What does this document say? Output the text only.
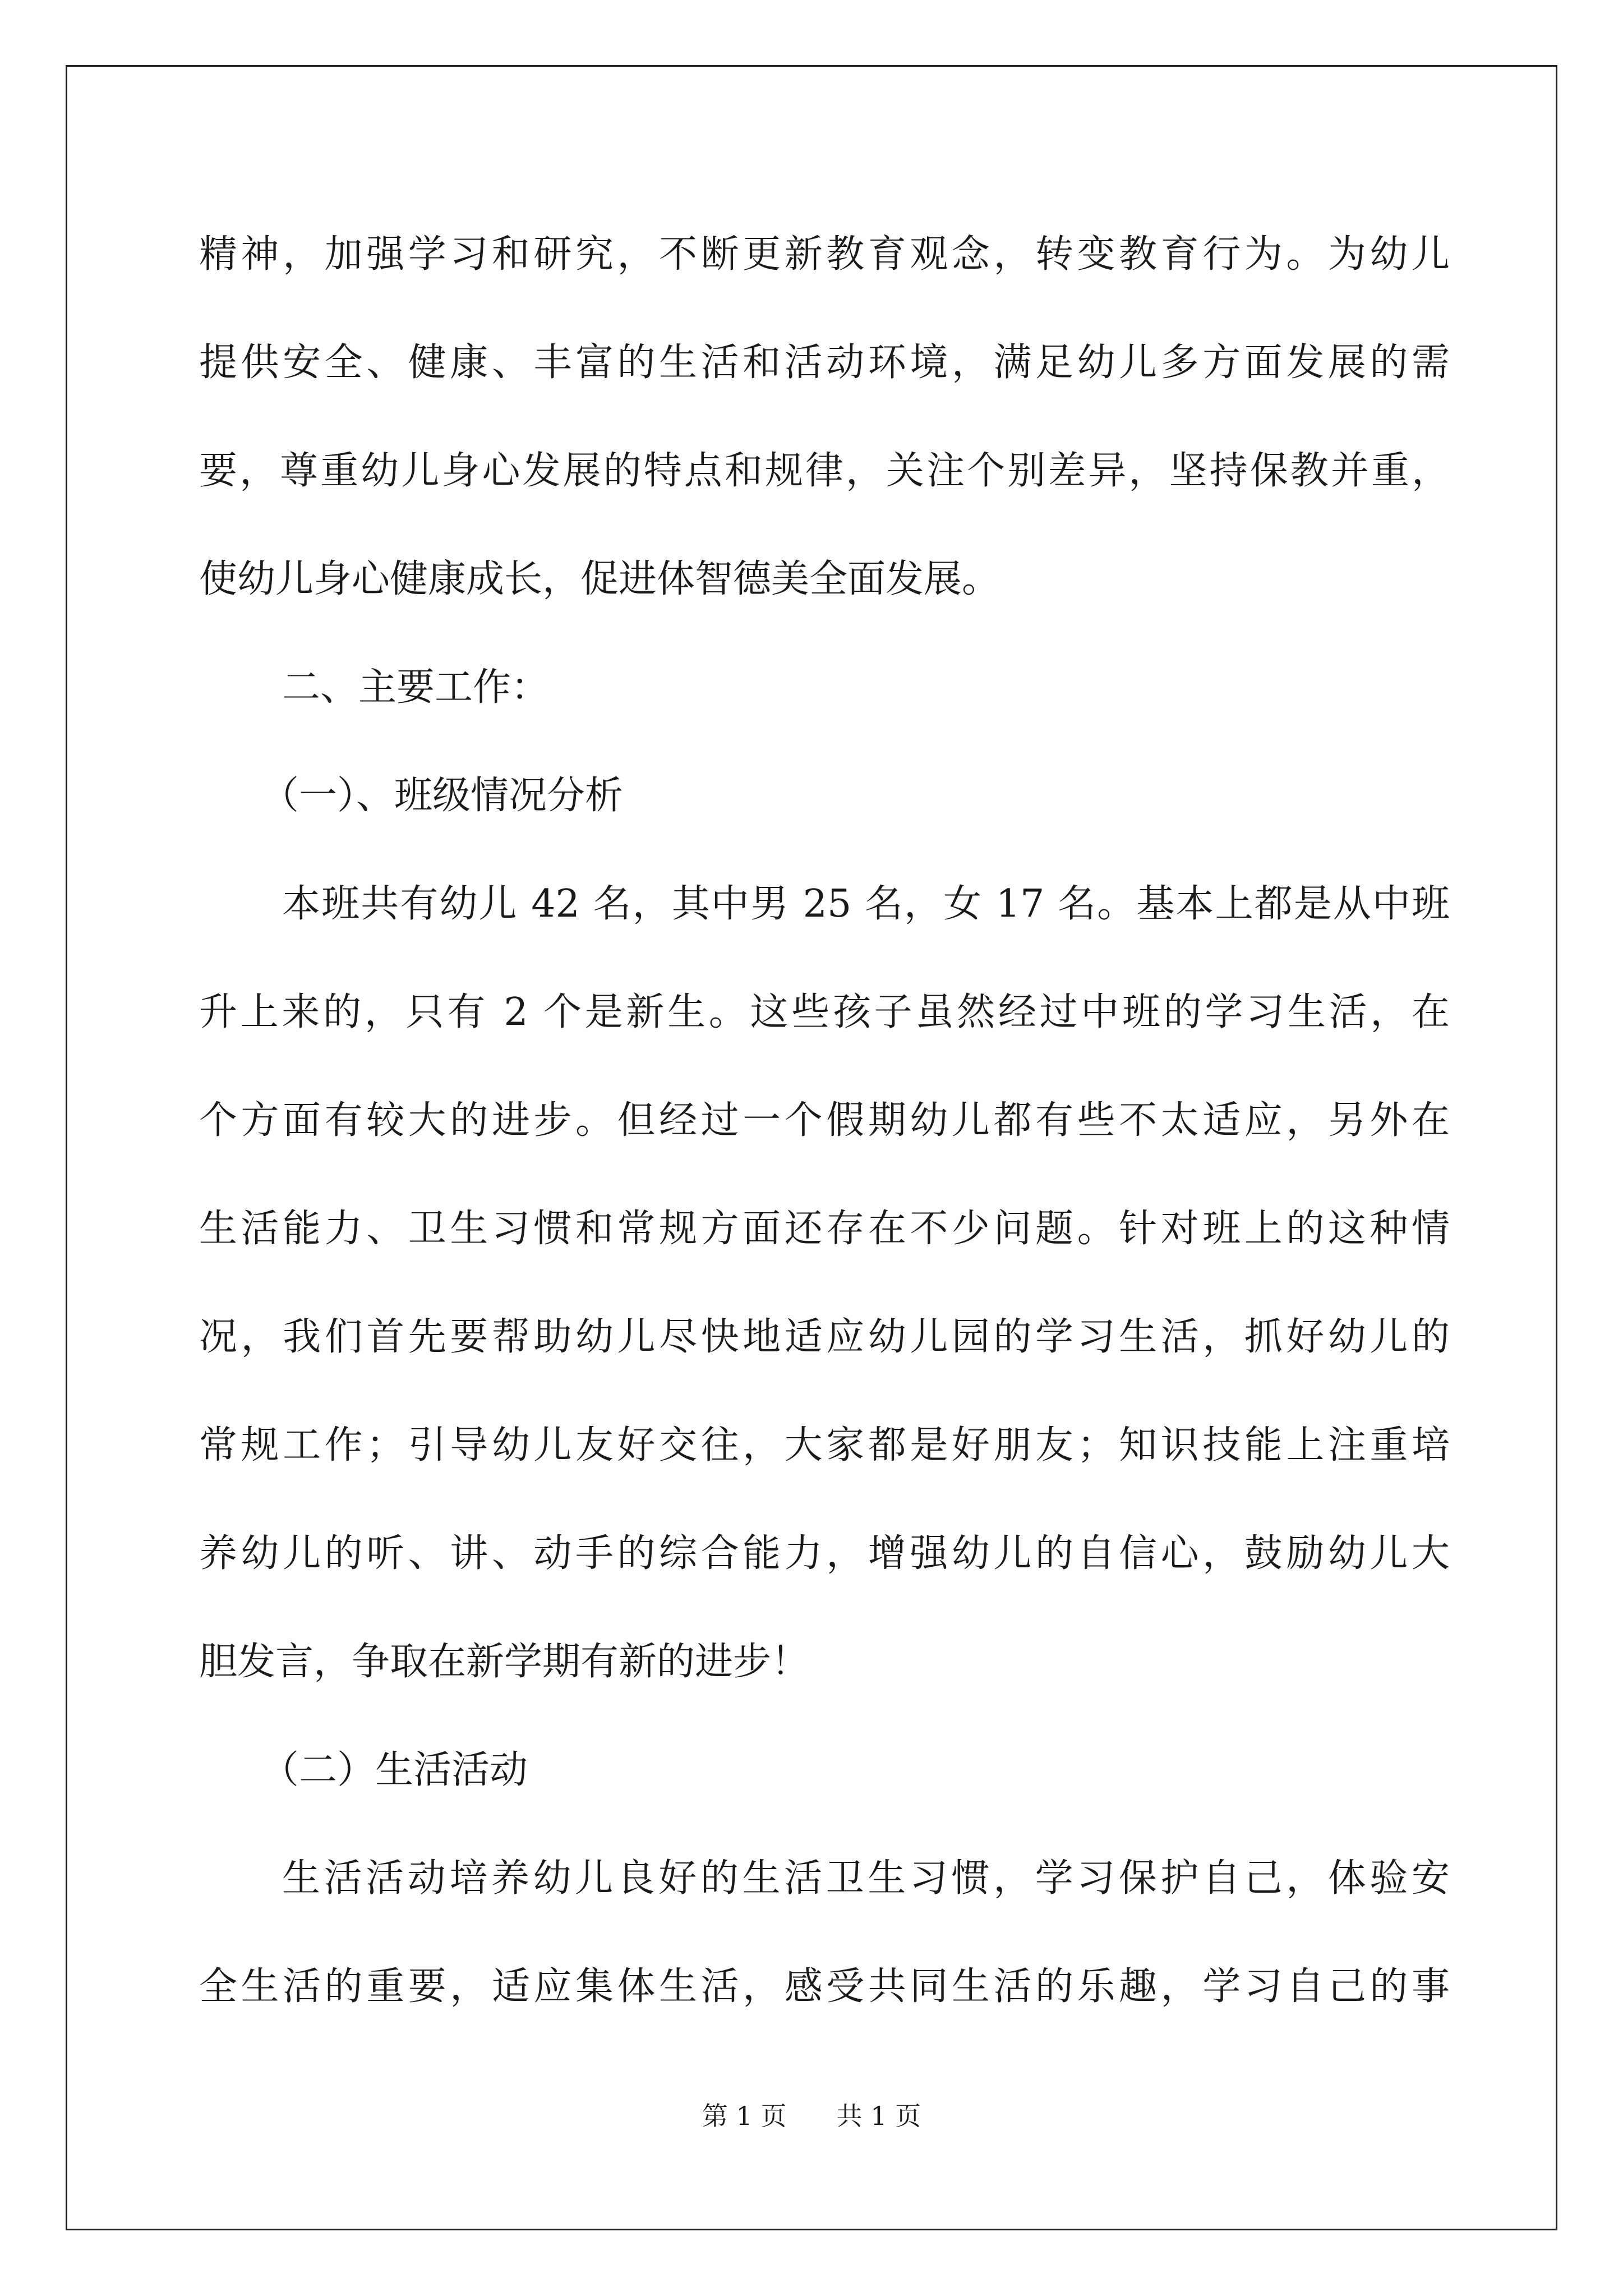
精神，加强学习和研究，不断更新教育观念，转变教育行为。为幼儿
提供安全、健康、丰富的生活和活动环境，满足幼儿多方面发展的需
要，尊重幼儿身心发展的特点和规律，关注个别差异，坚持保教并重，
使幼儿身心健康成长，促进体智德美全面发展。
二、主要工作：
（一）、班级情况分析
本班共有幼儿 42 名，其中男 25 名，女 17 名。基本上都是从中班
升上来的，只有 2 个是新生。这些孩子虽然经过中班的学习生活，在
个方面有较大的进步。但经过一个假期幼儿都有些不太适应，另外在
生活能力、卫生习惯和常规方面还存在不少问题。针对班上的这种情
况，我们首先要帮助幼儿尽快地适应幼儿园的学习生活，抓好幼儿的
常规工作；引导幼儿友好交往，大家都是好朋友；知识技能上注重培
养幼儿的听、讲、动手的综合能力，增强幼儿的自信心，鼓励幼儿大
胆发言，争取在新学期有新的进步！
（二）生活活动
生活活动培养幼儿良好的生活卫生习惯，学习保护自己，体验安
全生活的重要，适应集体生活，感受共同生活的乐趣，学习自己的事
第 1 页 共 1 页
